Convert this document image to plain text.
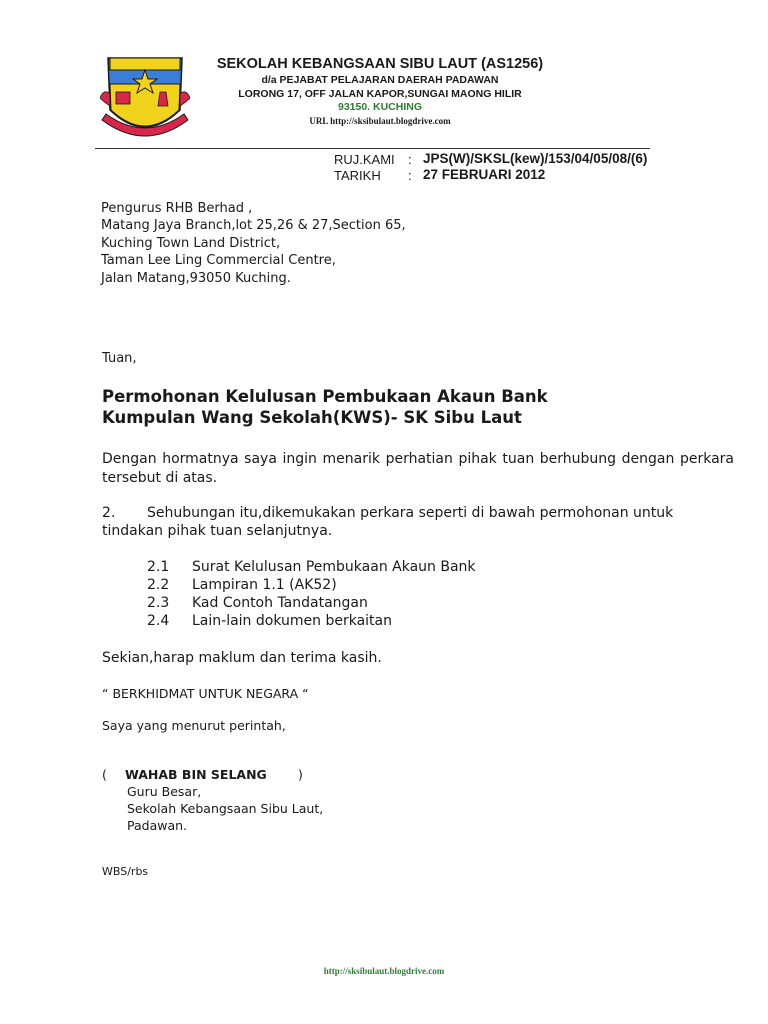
SEKOLAH KEBANGSAAN SIBU LAUT (AS1256)
d/a PEJABAT PELAJARAN DAERAH PADAWAN
LORONG 17, OFF JALAN KAPOR,SUNGAI MAONG HILIR
93150. KUCHING
URL http://sksibulaut.blogdrive.com
RUJ.KAMI : JPS(W)/SKSL(kew)/153/04/05/08/(6)
TARIKH : 27 FEBRUARI 2012
Pengurus RHB Berhad ,
Matang Jaya Branch,lot 25,26 & 27,Section 65,
Kuching Town Land District,
Taman Lee Ling Commercial Centre,
Jalan Matang,93050 Kuching.
Tuan,
Permohonan Kelulusan Pembukaan Akaun Bank
Kumpulan Wang Sekolah(KWS)- SK Sibu Laut
Dengan hormatnya saya ingin menarik perhatian pihak tuan berhubung dengan perkara tersebut di atas.
2. Sehubungan itu,dikemukakan perkara seperti di bawah permohonan untuk
tindakan pihak tuan selanjutnya.
2.1 Surat Kelulusan Pembukaan Akaun Bank
2.2 Lampiran 1.1 (AK52)
2.3 Kad Contoh Tandatangan
2.4 Lain-lain dokumen berkaitan
Sekian,harap maklum dan terima kasih.
“ BERKHIDMAT UNTUK NEGARA “
Saya yang menurut perintah,
( WAHAB BIN SELANG )
Guru Besar,
Sekolah Kebangsaan Sibu Laut,
Padawan.
WBS/rbs
http://sksibulaut.blogdrive.com
